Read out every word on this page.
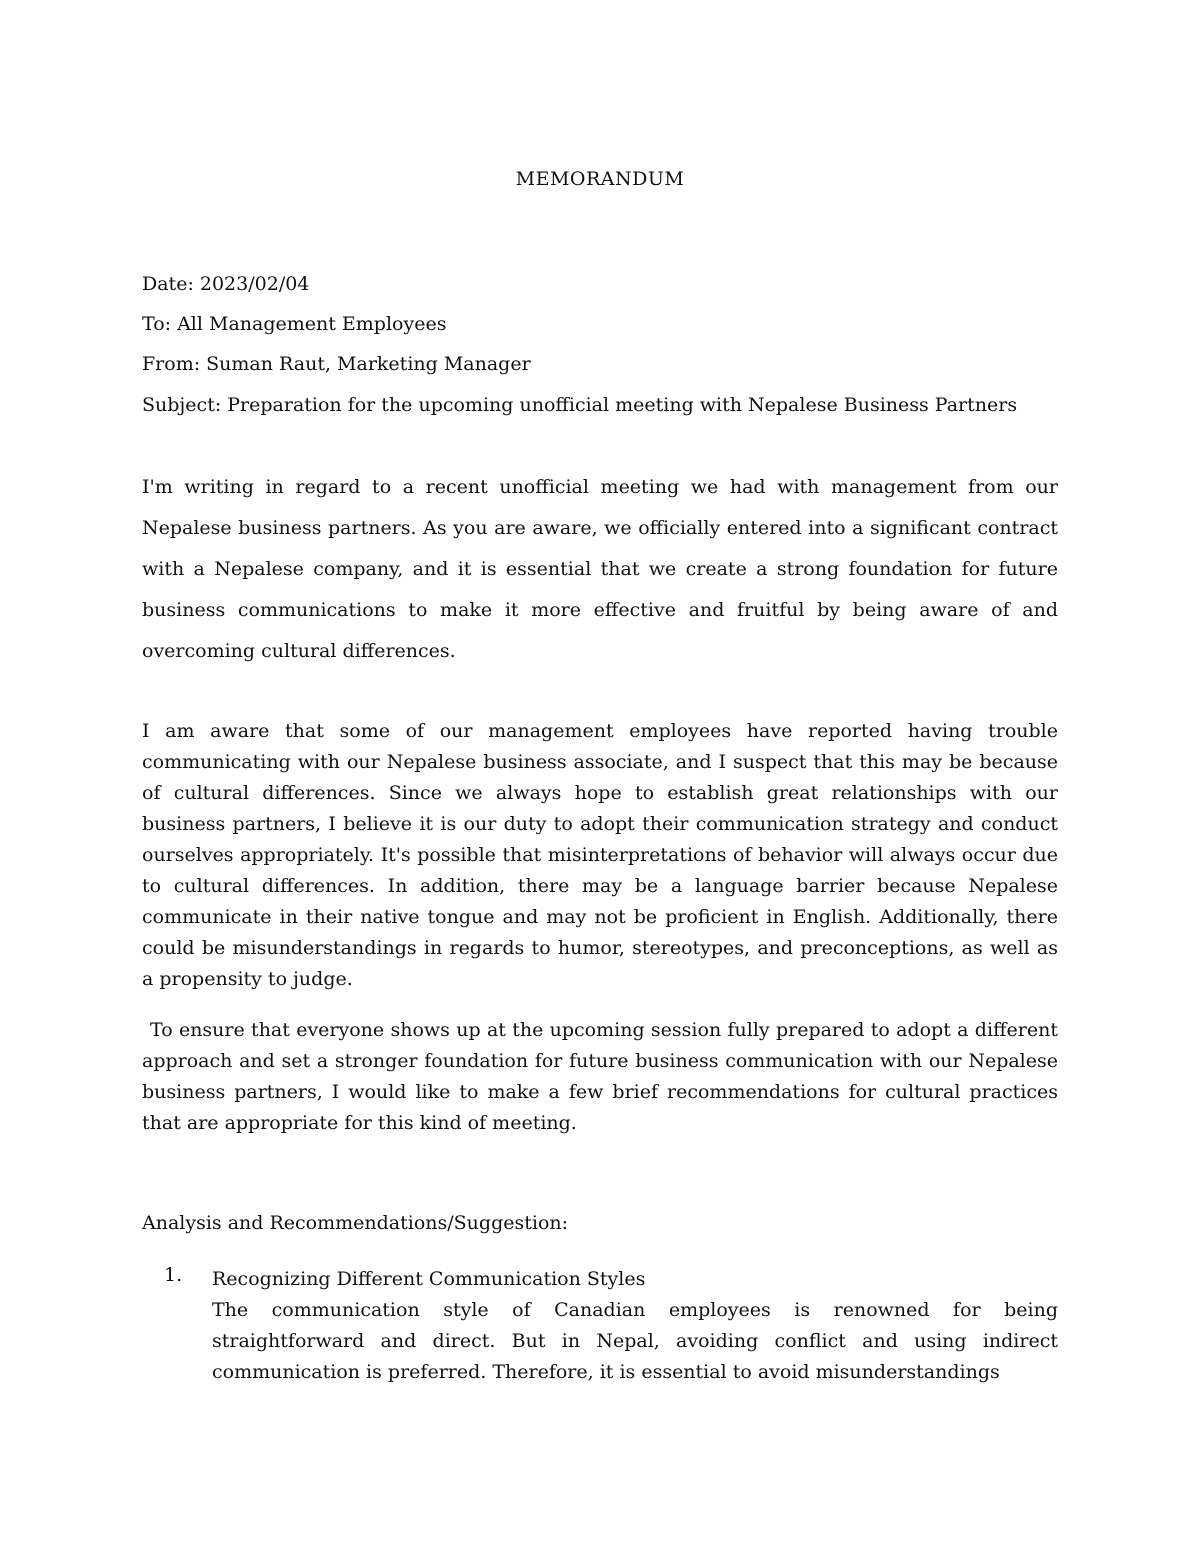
MEMORANDUM
Date: 2023/02/04
To: All Management Employees
From: Suman Raut, Marketing Manager
Subject: Preparation for the upcoming unofficial meeting with Nepalese Business Partners
I'm writing in regard to a recent unofficial meeting we had with management from our Nepalese business partners. As you are aware, we officially entered into a significant contract with a Nepalese company, and it is essential that we create a strong foundation for future business communications to make it more effective and fruitful by being aware of and overcoming cultural differences.
I am aware that some of our management employees have reported having trouble communicating with our Nepalese business associate, and I suspect that this may be because of cultural differences. Since we always hope to establish great relationships with our business partners, I believe it is our duty to adopt their communication strategy and conduct ourselves appropriately. It's possible that misinterpretations of behavior will always occur due to cultural differences. In addition, there may be a language barrier because Nepalese communicate in their native tongue and may not be proficient in English. Additionally, there could be misunderstandings in regards to humor, stereotypes, and preconceptions, as well as a propensity to judge.
To ensure that everyone shows up at the upcoming session fully prepared to adopt a different approach and set a stronger foundation for future business communication with our Nepalese business partners, I would like to make a few brief recommendations for cultural practices that are appropriate for this kind of meeting.
Analysis and Recommendations/Suggestion:
1. Recognizing Different Communication Styles
The communication style of Canadian employees is renowned for being straightforward and direct. But in Nepal, avoiding conflict and using indirect communication is preferred. Therefore, it is essential to avoid misunderstandings
